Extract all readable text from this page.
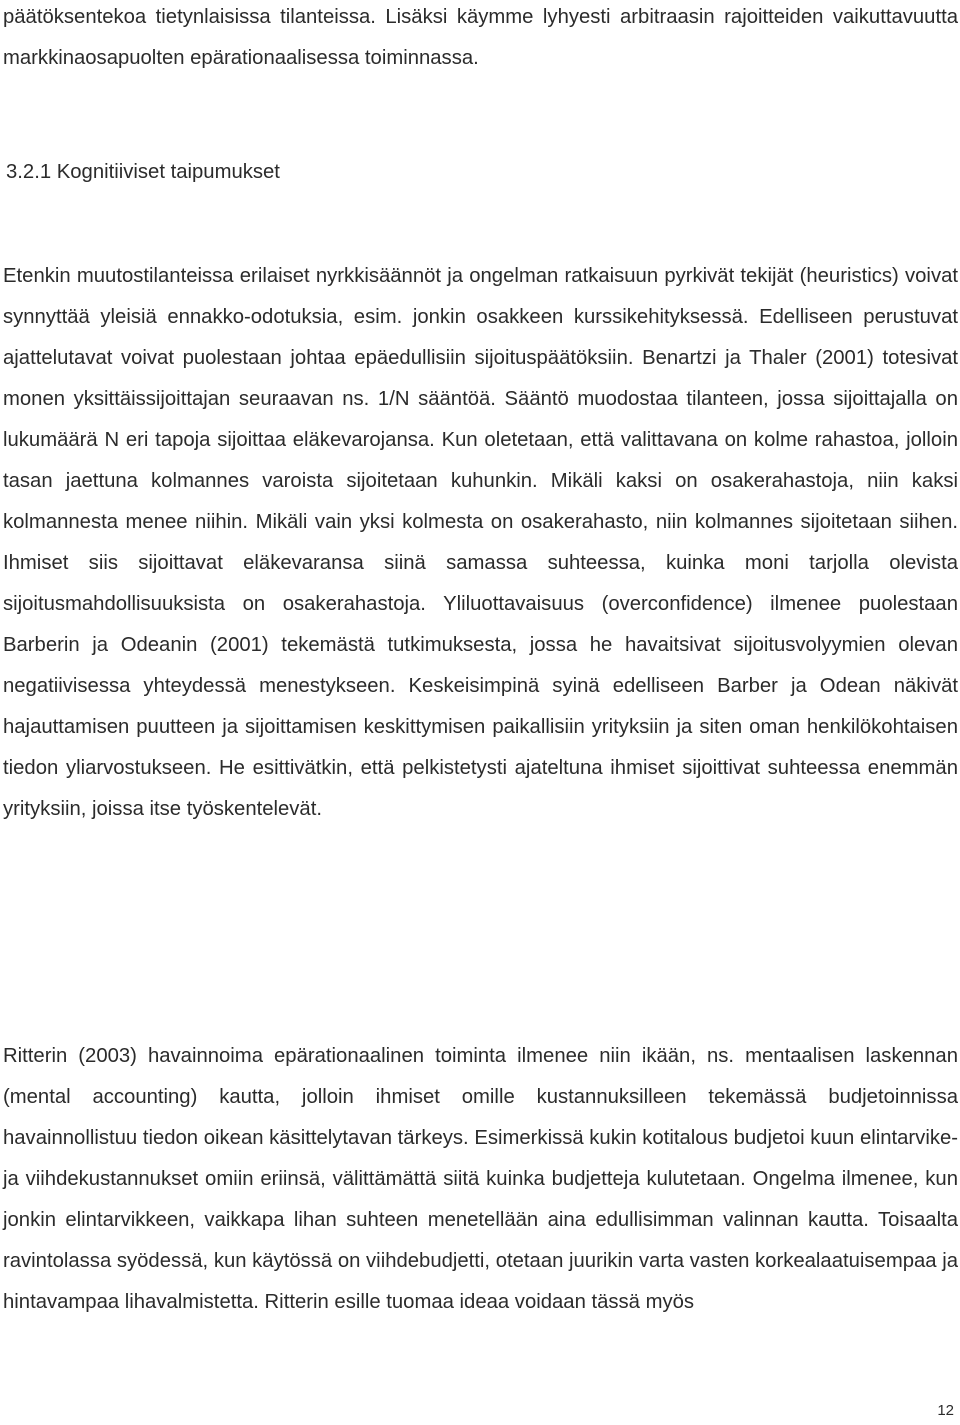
päätöksentekoa tietynlaisissa tilanteissa. Lisäksi käymme lyhyesti arbitraasin rajoitteiden vaikuttavuutta markkinaosapuolten epärationaalisessa toiminnassa.

3.2.1 Kognitiiviset taipumukset

Etenkin muutostilanteissa erilaiset nyrkkisäännöt ja ongelman ratkaisuun pyrkivät tekijät (heuristics) voivat synnyttää yleisiä ennakko-odotuksia, esim. jonkin osakkeen kurssikehityksessä. Edelliseen perustuvat ajattelutavat voivat puolestaan johtaa epäedullisiin sijoituspäätöksiin. Benartzi ja Thaler (2001) totesivat monen yksittäissijoittajan seuraavan ns. 1/N sääntöä. Sääntö muodostaa tilanteen, jossa sijoittajalla on lukumäärä N eri tapoja sijoittaa eläkevarojansa. Kun oletetaan, että valittavana on kolme rahastoa, jolloin tasan jaettuna kolmannes varoista sijoitetaan kuhunkin. Mikäli kaksi on osakerahastoja, niin kaksi kolmannesta menee niihin. Mikäli vain yksi kolmesta on osakerahasto, niin kolmannes sijoitetaan siihen. Ihmiset siis sijoittavat eläkevaransa siinä samassa suhteessa, kuinka moni tarjolla olevista sijoitusmahdollisuuksista on osakerahastoja. Yliluottavaisuus (overconfidence) ilmenee puolestaan Barberin ja Odeanin (2001) tekemästä tutkimuksesta, jossa he havaitsivat sijoitusvolyymien olevan negatiivisessa yhteydessä menestykseen. Keskeisimpinä syinä edelliseen Barber ja Odean näkivät hajauttamisen puutteen ja sijoittamisen keskittymisen paikallisiin yrityksiin ja siten oman henkilökohtaisen tiedon yliarvostukseen. He esittivätkin, että pelkistetysti ajateltuna ihmiset sijoittivat suhteessa enemmän yrityksiin, joissa itse työskentelevät.

Ritterin (2003) havainnoima epärationaalinen toiminta ilmenee niin ikään, ns. mentaalisen laskennan (mental accounting) kautta, jolloin ihmiset omille kustannuksilleen tekemässä budjetoinnissa havainnollistuu tiedon oikean käsittelytavan tärkeys. Esimerkissä kukin kotitalous budjetoi kuun elintarvike- ja viihdekustannukset omiin eriinsä, välittämättä siitä kuinka budjetteja kulutetaan. Ongelma ilmenee, kun jonkin elintarvikkeen, vaikkapa lihan suhteen menetellään aina edullisimman valinnan kautta. Toisaalta ravintolassa syödessä, kun käytössä on viihdebudjetti, otetaan juurikin varta vasten korkealaatuisempaa ja hintavampaa lihavalmistetta. Ritterin esille tuomaa ideaa voidaan tässä myös

12
